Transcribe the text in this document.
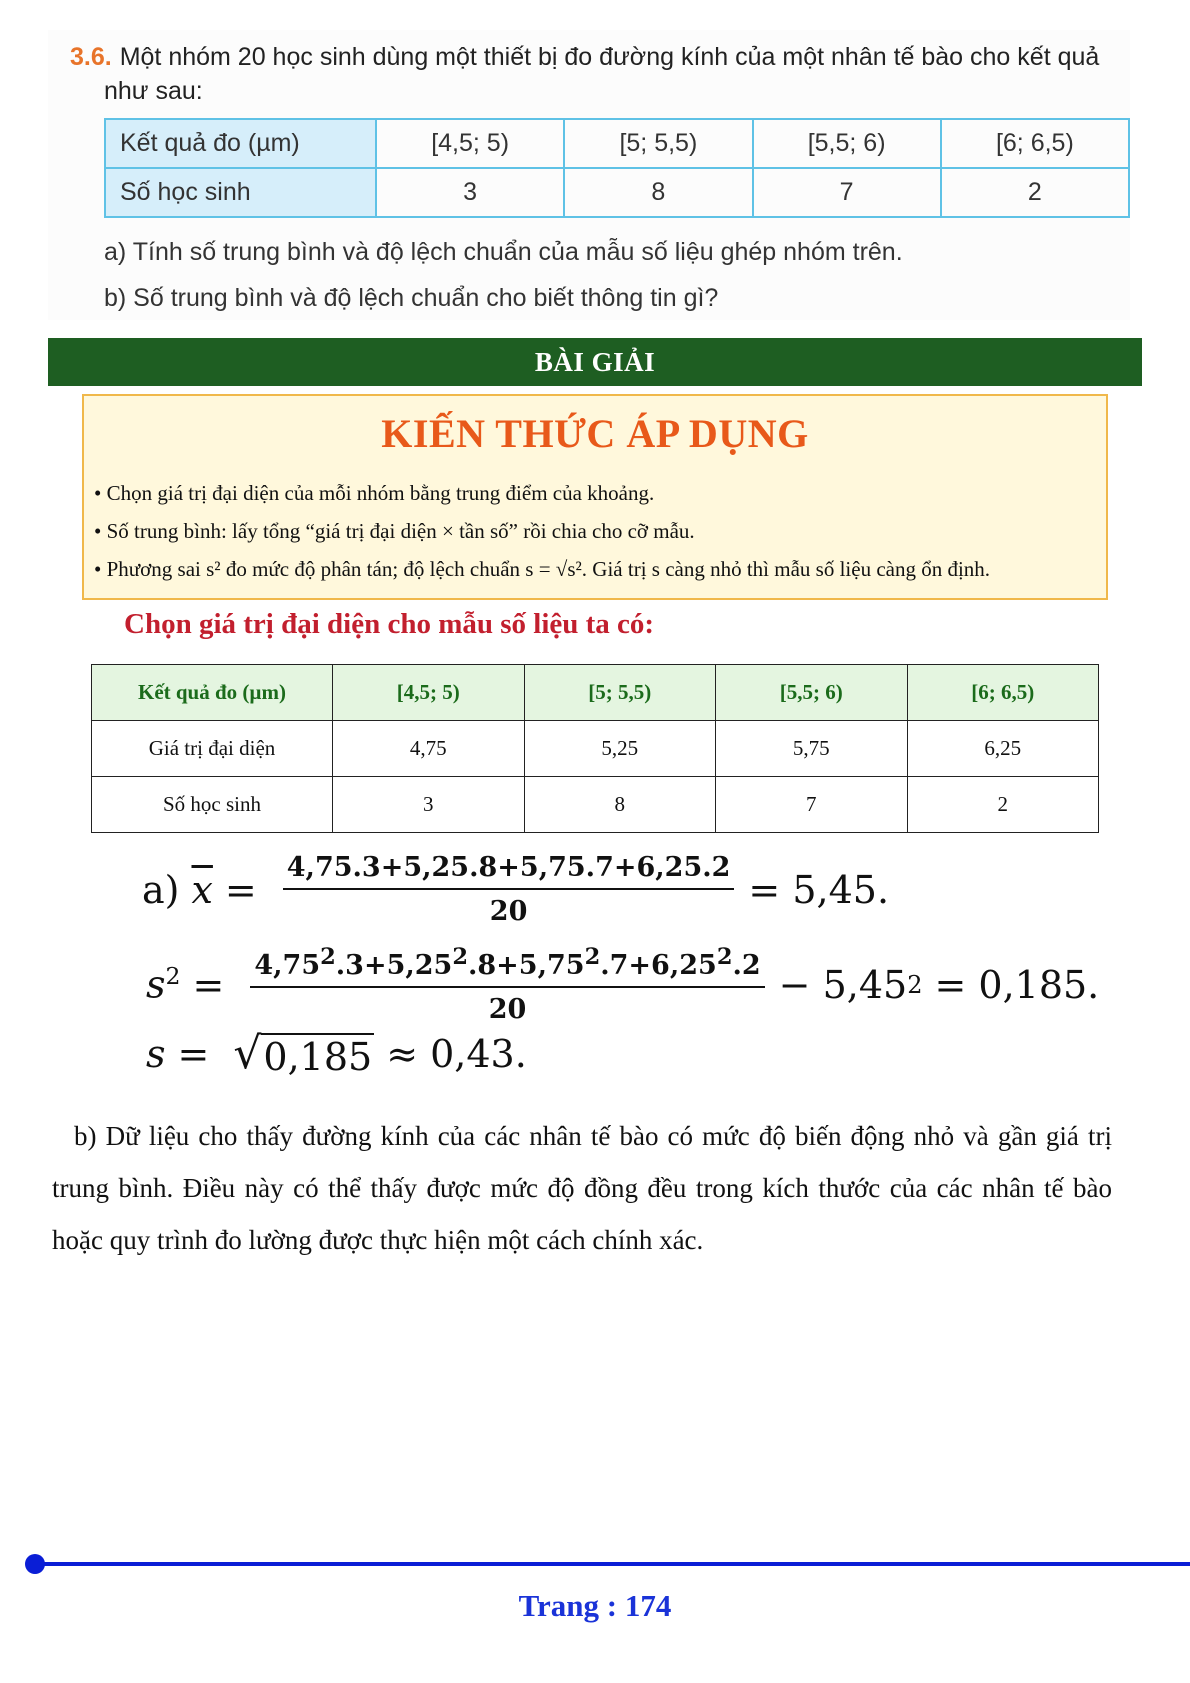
3.6. Một nhóm 20 học sinh dùng một thiết bị đo đường kính của một nhân tế bào cho kết quả
như sau:
Kết quả đo (µm)	[4,5; 5)	[5; 5,5)	[5,5; 6)	[6; 6,5)
Số học sinh	3	8	7	2
a) Tính số trung bình và độ lệch chuẩn của mẫu số liệu ghép nhóm trên.
b) Số trung bình và độ lệch chuẩn cho biết thông tin gì?
BÀI GIẢI
KIẾN THỨC ÁP DỤNG
• Chọn giá trị đại diện của mỗi nhóm bằng trung điểm của khoảng.
• Số trung bình: lấy tổng “giá trị đại diện × tần số” rồi chia cho cỡ mẫu.
• Phương sai s² đo mức độ phân tán; độ lệch chuẩn s = √s². Giá trị s càng nhỏ thì mẫu số liệu càng ổn định.
Chọn giá trị đại diện cho mẫu số liệu ta có:
Kết quả đo (µm)	[4,5; 5)	[5; 5,5)	[5,5; 6)	[6; 6,5)
Giá trị đại diện	4,75	5,25	5,75	6,25
Số học sinh	3	8	7	2
a) $\overline{x} = \frac{4,75.3+5,25.8+5,75.7+6,25.2}{20} = 5,45$.
$s^2 = \frac{4,75^2.3+5,25^2.8+5,75^2.7+6,25^2.2}{20} - 5,45$ 2 = 0,185.
s = √ 0,185 ≈ 0,43.
b) Dữ liệu cho thấy đường kính của các nhân tế bào có mức độ biến động nhỏ và gần giá trị trung bình. Điều này có thể thấy được mức độ đồng đều trong kích thước của các nhân tế bào hoặc quy trình đo lường được thực hiện một cách chính xác.
Trang : 174
